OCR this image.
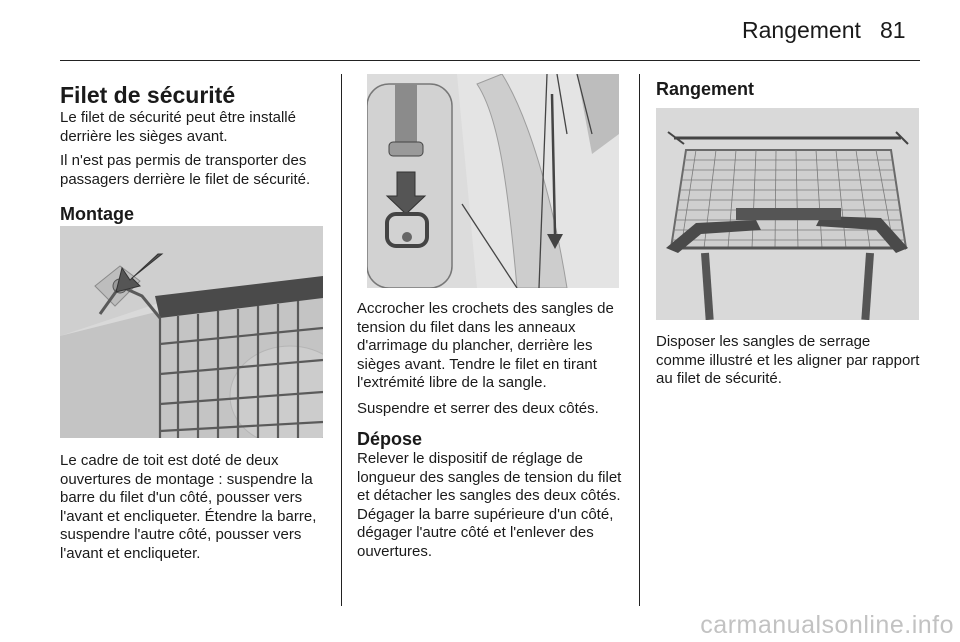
Rangement 81
Filet de sécurité

Le filet de sécurité peut être installé derrière les sièges avant.

Il n'est pas permis de transporter des passagers derrière le filet de sécurité.

Montage

Le cadre de toit est doté de deux ouvertures de montage : suspendre la barre du filet d'un côté, pousser vers l'avant et encliqueter. Étendre la barre, suspendre l'autre côté, pousser vers l'avant et encliqueter.

Accrocher les crochets des sangles de tension du filet dans les anneaux d'arrimage du plancher, derrière les sièges avant. Tendre le filet en tirant l'extrémité libre de la sangle.

Suspendre et serrer des deux côtés.

Dépose

Relever le dispositif de réglage de longueur des sangles de tension du filet et détacher les sangles des deux côtés. Dégager la barre supérieure d'un côté, dégager l'autre côté et l'enlever des ouvertures.

Rangement

Disposer les sangles de serrage comme illustré et les aligner par rapport au filet de sécurité.

carmanualsonline.info
